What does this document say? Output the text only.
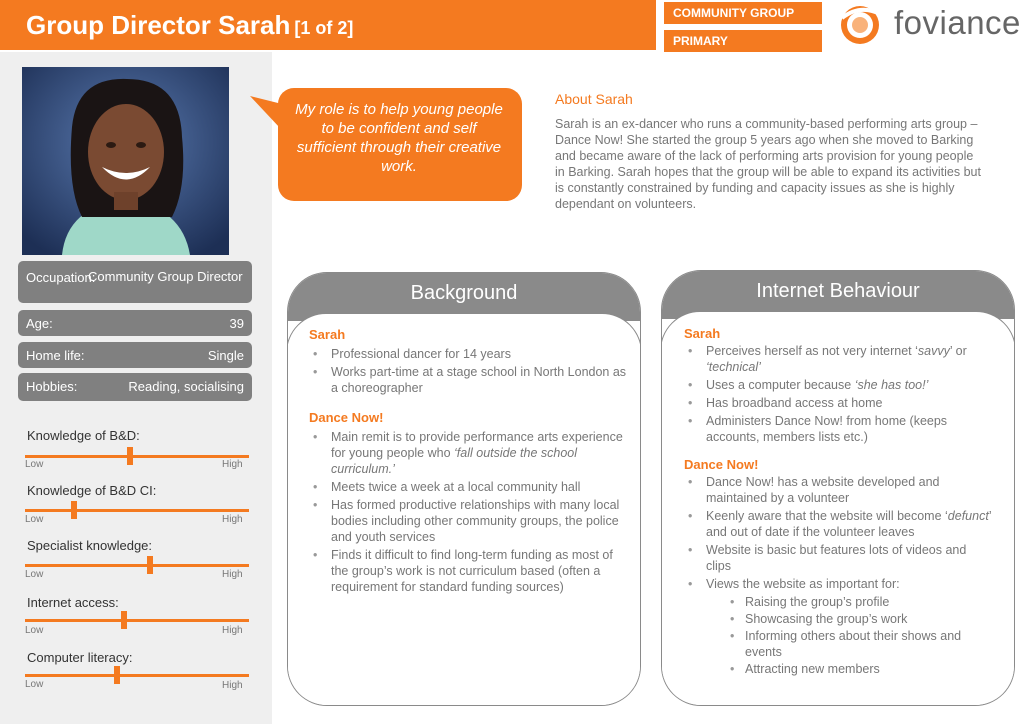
Group Director Sarah [1 of 2]
COMMUNITY GROUP
PRIMARY	foviance
Occupation:
Community Group Director
Age:	39
Home life:	Single
Hobbies:	Reading, socialising
Knowledge of B&D:
Low	High
Knowledge of B&D CI:
Low	High
Specialist knowledge:
Low	High
Internet access:
Low	High
Computer literacy:
Low	High
My role is to help young people to be confident and self sufficient through their creative work.
About Sarah
Sarah is an ex-dancer who runs a community-based performing arts group – Dance Now! She started the group 5 years ago when she moved to Barking and became aware of the lack of performing arts provision for young people in Barking. Sarah hopes that the group will be able to expand its activities but is constantly constrained by funding and capacity issues as she is highly dependant on volunteers.
Background
Sarah
• Professional dancer for 14 years
• Works part-time at a stage school in North London as a choreographer
Dance Now!
• Main remit is to provide performance arts experience for young people who ‘fall outside the school curriculum.’
• Meets twice a week at a local community hall
• Has formed productive relationships with many local bodies including other community groups, the police and youth services
• Finds it difficult to find long-term funding as most of the group’s work is not curriculum based (often a requirement for standard funding sources)
Internet Behaviour
Sarah
• Perceives herself as not very internet ‘savvy’ or ‘technical’
• Uses a computer because ‘she has too!’
• Has broadband access at home
• Administers Dance Now! from home (keeps accounts, members lists etc.)
Dance Now!
• Dance Now! has a website developed and maintained by a volunteer
• Keenly aware that the website will become ‘defunct’ and out of date if the volunteer leaves
• Website is basic but features lots of videos and clips
• Views the website as important for:
• Raising the group’s profile
• Showcasing the group’s work
• Informing others about their shows and events
• Attracting new members
